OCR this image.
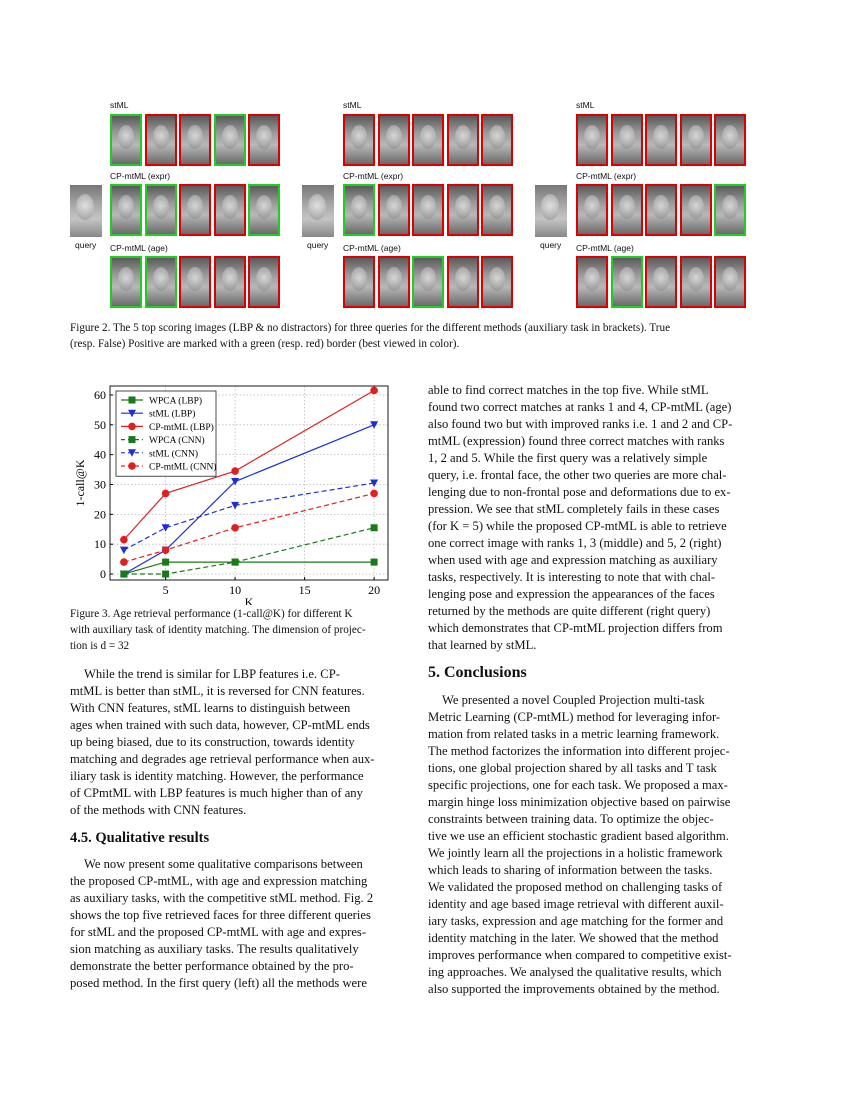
query
stML
CP-mtML (expr)
CP-mtML (age)	query
stML
CP-mtML (expr)
CP-mtML (age)	query
stML
CP-mtML (expr)
CP-mtML (age)
Figure 2. The 5 top scoring images (LBP & no distractors) for three queries for the different methods (auxiliary task in brackets). True
(resp. False) Positive are marked with a green (resp. red) border (best viewed in color).
5	10	15	20
0
10
20
30
40
50
60
K
1-call@K
WPCA (LBP)
stML (LBP)
CP-mtML (LBP)
WPCA (CNN)
stML (CNN)
CP-mtML (CNN)
Figure 3. Age retrieval performance (1-call@K) for different K
with auxiliary task of identity matching. The dimension of projec-
tion is d = 32
While the trend is similar for LBP features i.e. CP-
mtML is better than stML, it is reversed for CNN features.
With CNN features, stML learns to distinguish between
ages when trained with such data, however, CP-mtML ends
up being biased, due to its construction, towards identity
matching and degrades age retrieval performance when aux-
iliary task is identity matching. However, the performance
of CPmtML with LBP features is much higher than of any
of the methods with CNN features.
4.5. Qualitative results
We now present some qualitative comparisons between
the proposed CP-mtML, with age and expression matching
as auxiliary tasks, with the competitive stML method. Fig. 2
shows the top five retrieved faces for three different queries
for stML and the proposed CP-mtML with age and expres-
sion matching as auxiliary tasks. The results qualitatively
demonstrate the better performance obtained by the pro-
posed method. In the first query (left) all the methods were
able to find correct matches in the top five. While stML
found two correct matches at ranks 1 and 4, CP-mtML (age)
also found two but with improved ranks i.e. 1 and 2 and CP-
mtML (expression) found three correct matches with ranks
1, 2 and 5. While the first query was a relatively simple
query, i.e. frontal face, the other two queries are more chal-
lenging due to non-frontal pose and deformations due to ex-
pression. We see that stML completely fails in these cases
(for K = 5) while the proposed CP-mtML is able to retrieve
one correct image with ranks 1, 3 (middle) and 5, 2 (right)
when used with age and expression matching as auxiliary
tasks, respectively. It is interesting to note that with chal-
lenging pose and expression the appearances of the faces
returned by the methods are quite different (right query)
which demonstrates that CP-mtML projection differs from
that learned by stML.
5. Conclusions
We presented a novel Coupled Projection multi-task
Metric Learning (CP-mtML) method for leveraging infor-
mation from related tasks in a metric learning framework.
The method factorizes the information into different projec-
tions, one global projection shared by all tasks and T task
specific projections, one for each task. We proposed a max-
margin hinge loss minimization objective based on pairwise
constraints between training data. To optimize the objec-
tive we use an efficient stochastic gradient based algorithm.
We jointly learn all the projections in a holistic framework
which leads to sharing of information between the tasks.
We validated the proposed method on challenging tasks of
identity and age based image retrieval with different auxil-
iary tasks, expression and age matching for the former and
identity matching in the later. We showed that the method
improves performance when compared to competitive exist-
ing approaches. We analysed the qualitative results, which
also supported the improvements obtained by the method.
